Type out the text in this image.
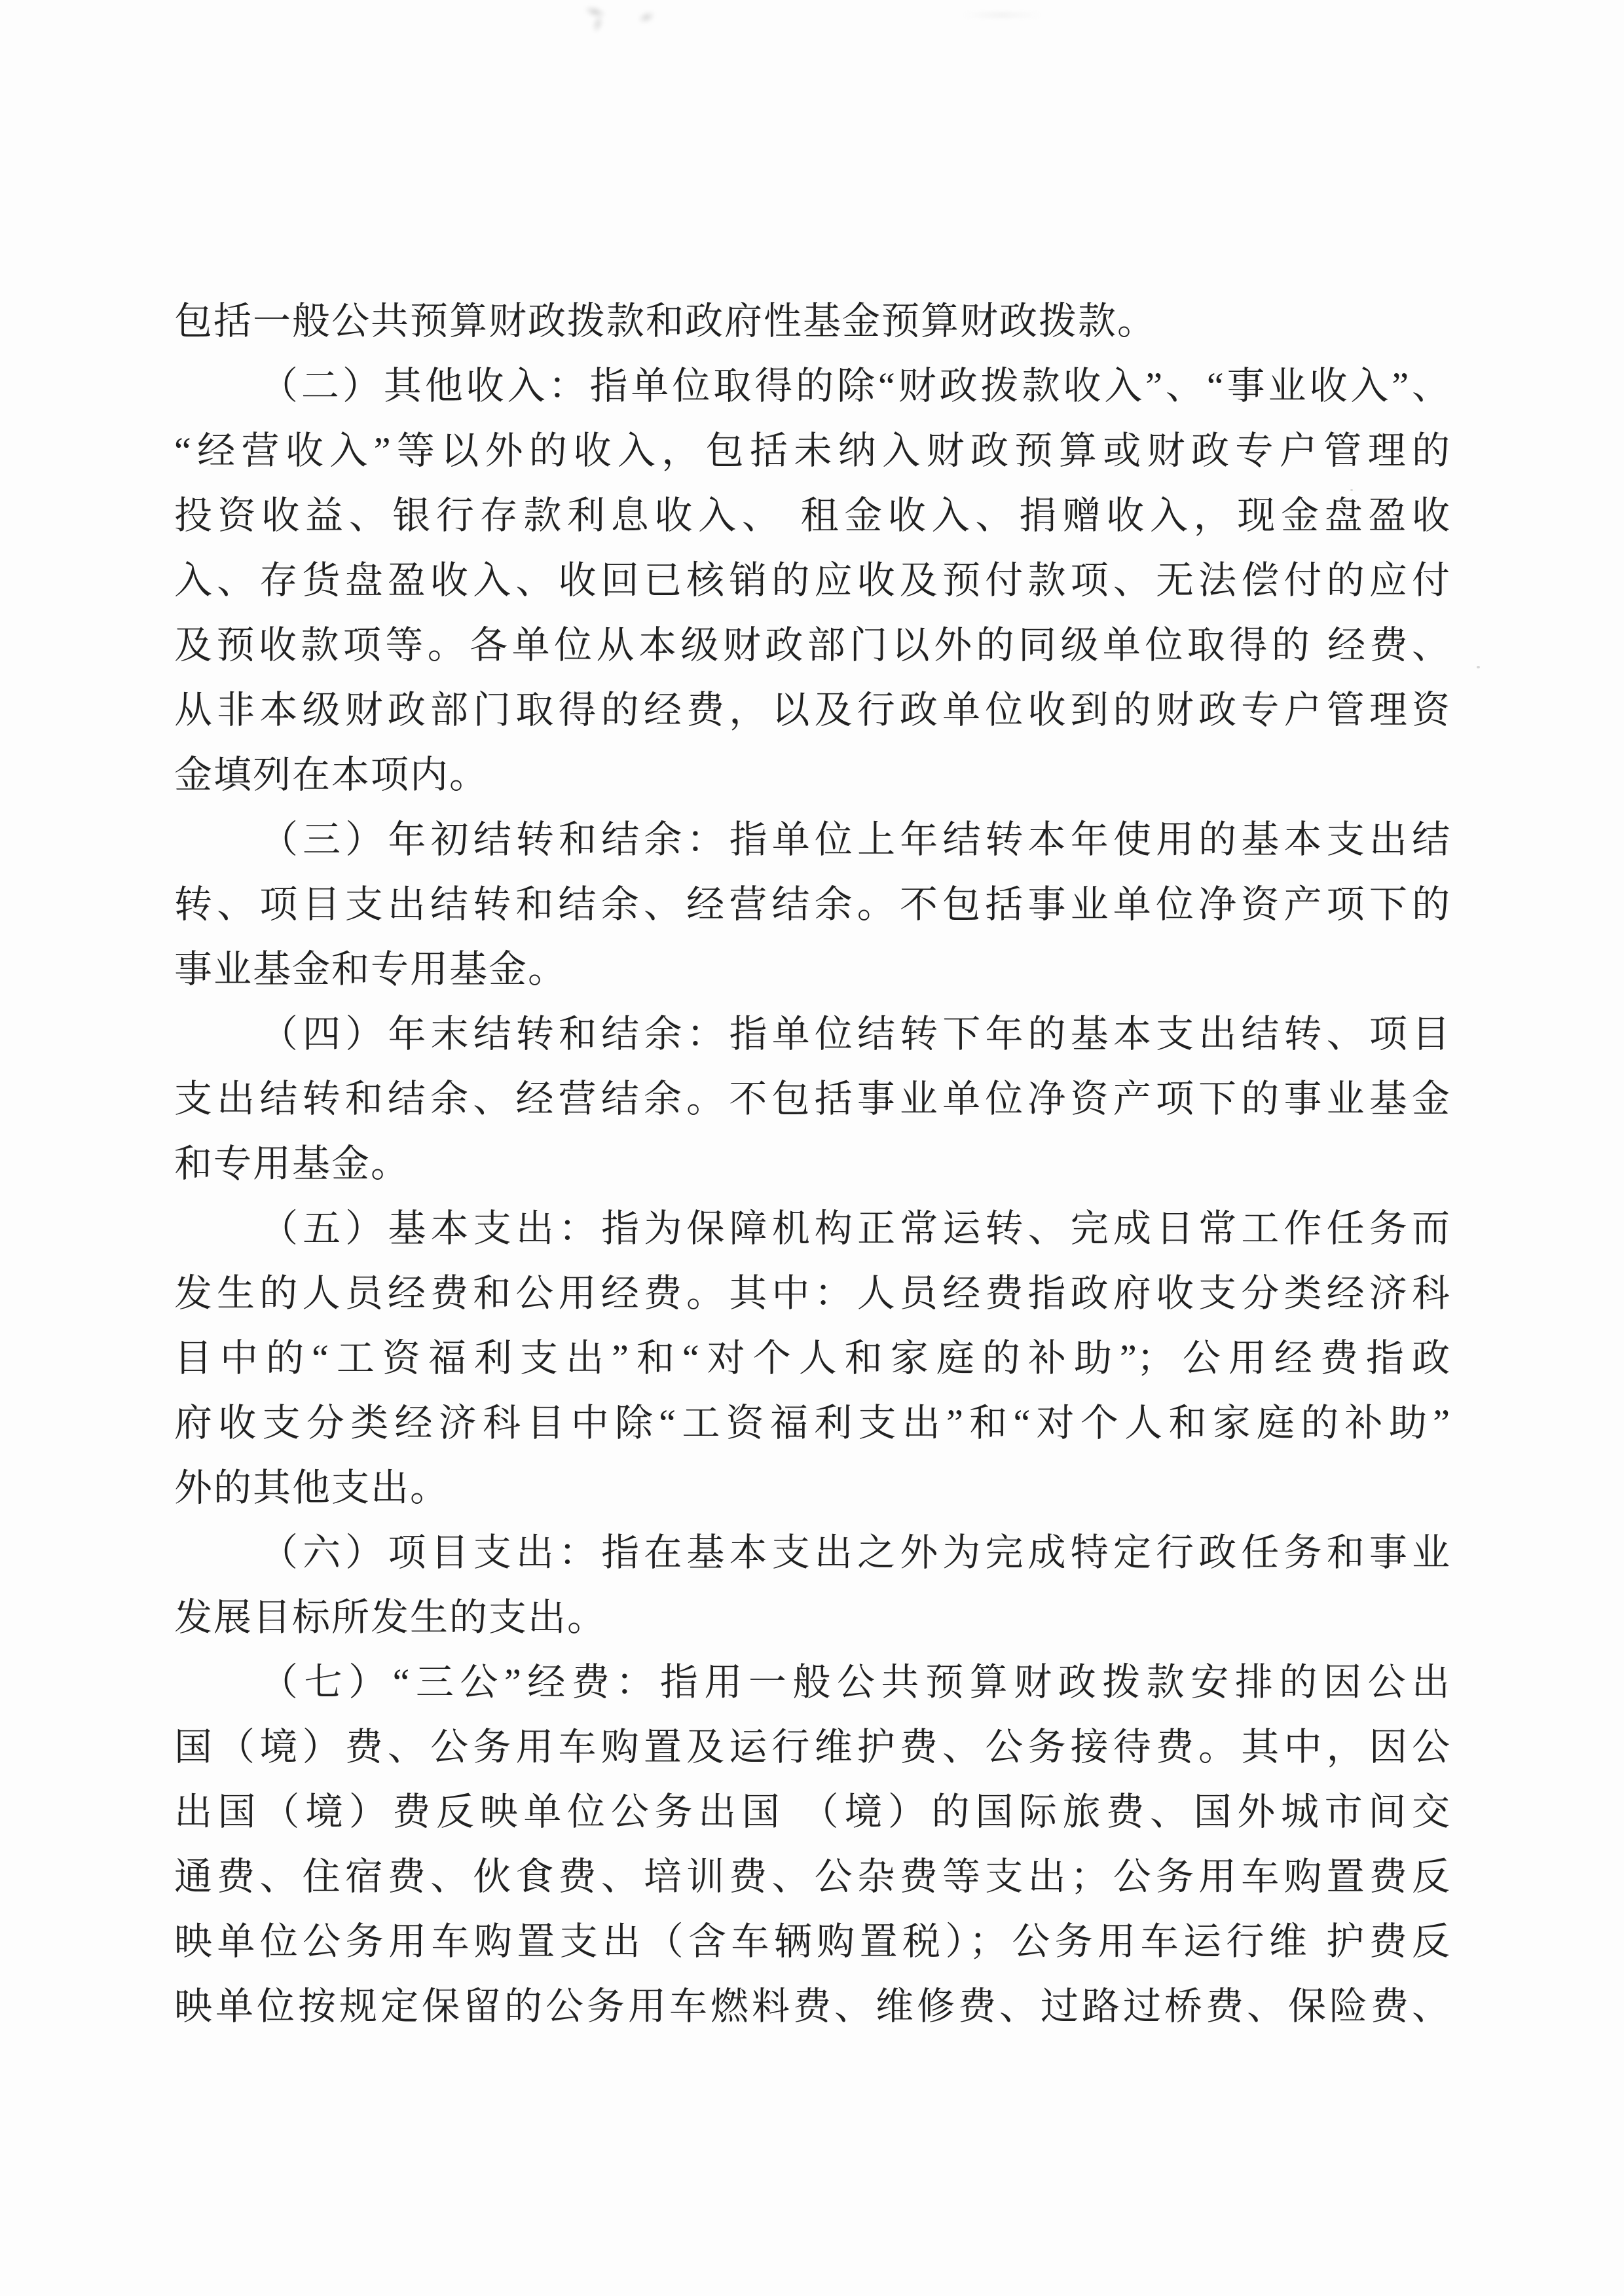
包括一般公共预算财政拨款和政府性基金预算财政拨款。
（二）其他收入：指单位取得的除“财政拨款收入”、“事业收入”、
“经营收入”等以外的收入，包括未纳入财政预算或财政专户管理的
投资收益、银行存款利息收入、 租金收入、捐赠收入，现金盘盈收
入、存货盘盈收入、收回已核销的应收及预付款项、无法偿付的应付
及预收款项等。各单位从本级财政部门以外的同级单位取得的 经费、
从非本级财政部门取得的经费，以及行政单位收到的财政专户管理资
金填列在本项内。
（三）年初结转和结余：指单位上年结转本年使用的基本支出结
转、项目支出结转和结余、经营结余。不包括事业单位净资产项下的
事业基金和专用基金。
（四）年末结转和结余：指单位结转下年的基本支出结转、项目
支出结转和结余、经营结余。不包括事业单位净资产项下的事业基金
和专用基金。
（五）基本支出：指为保障机构正常运转、完成日常工作任务而
发生的人员经费和公用经费。其中：人员经费指政府收支分类经济科
目中的“工资福利支出”和“对个人和家庭的补助”；公用经费指政
府收支分类经济科目中除“工资福利支出”和“对个人和家庭的补助”
外的其他支出。
（六）项目支出：指在基本支出之外为完成特定行政任务和事业
发展目标所发生的支出。
（七）“三公”经费：指用一般公共预算财政拨款安排的因公出
国（境）费、公务用车购置及运行维护费、公务接待费。其中，因公
出国（境）费反映单位公务出国 （境）的国际旅费、国外城市间交
通费、住宿费、伙食费、培训费、公杂费等支出；公务用车购置费反
映单位公务用车购置支出（含车辆购置税）；公务用车运行维 护费反
映单位按规定保留的公务用车燃料费、维修费、过路过桥费、保险费、
